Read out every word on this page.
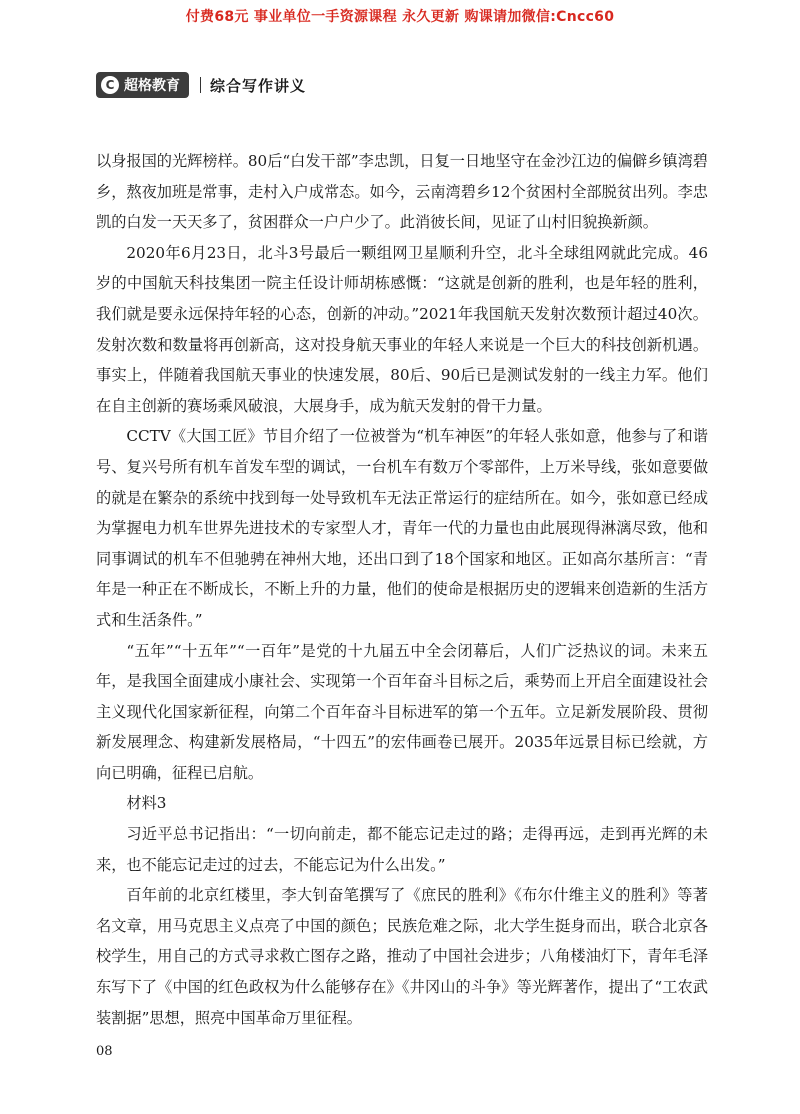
付费68元 事业单位一手资源课程 永久更新 购课请加微信:Cncc60
C 超格教育 综合写作讲义

以身报国的光辉榜样。80后“白发干部”李忠凯，日复一日地坚守在金沙江边的偏僻乡镇湾碧乡，熬夜加班是常事，走村入户成常态。如今，云南湾碧乡12个贫困村全部脱贫出列。李忠凯的白发一天天多了，贫困群众一户户少了。此消彼长间，见证了山村旧貌换新颜。

2020年6月23日，北斗3号最后一颗组网卫星顺利升空，北斗全球组网就此完成。46岁的中国航天科技集团一院主任设计师胡栋感慨：“这就是创新的胜利，也是年轻的胜利，我们就是要永远保持年轻的心态，创新的冲动。”2021年我国航天发射次数预计超过40次。发射次数和数量将再创新高，这对投身航天事业的年轻人来说是一个巨大的科技创新机遇。事实上，伴随着我国航天事业的快速发展，80后、90后已是测试发射的一线主力军。他们在自主创新的赛场乘风破浪，大展身手，成为航天发射的骨干力量。

CCTV《大国工匠》节目介绍了一位被誉为“机车神医”的年轻人张如意，他参与了和谐号、复兴号所有机车首发车型的调试，一台机车有数万个零部件，上万米导线，张如意要做的就是在繁杂的系统中找到每一处导致机车无法正常运行的症结所在。如今，张如意已经成为掌握电力机车世界先进技术的专家型人才，青年一代的力量也由此展现得淋漓尽致，他和同事调试的机车不但驰骋在神州大地，还出口到了18个国家和地区。正如高尔基所言：“青年是一种正在不断成长，不断上升的力量，他们的使命是根据历史的逻辑来创造新的生活方式和生活条件。”

“五年”“十五年”“一百年”是党的十九届五中全会闭幕后，人们广泛热议的词。未来五年，是我国全面建成小康社会、实现第一个百年奋斗目标之后，乘势而上开启全面建设社会主义现代化国家新征程，向第二个百年奋斗目标进军的第一个五年。立足新发展阶段、贯彻新发展理念、构建新发展格局，“十四五”的宏伟画卷已展开。2035年远景目标已绘就，方向已明确，征程已启航。

材料3

习近平总书记指出：“一切向前走，都不能忘记走过的路；走得再远，走到再光辉的未来，也不能忘记走过的过去，不能忘记为什么出发。”

百年前的北京红楼里，李大钊奋笔撰写了《庶民的胜利》《布尔什维主义的胜利》等著名文章，用马克思主义点亮了中国的颜色；民族危难之际，北大学生挺身而出，联合北京各校学生，用自己的方式寻求救亡图存之路，推动了中国社会进步；八角楼油灯下，青年毛泽东写下了《中国的红色政权为什么能够存在》《井冈山的斗争》等光辉著作，提出了“工农武装割据”思想，照亮中国革命万里征程。

08
